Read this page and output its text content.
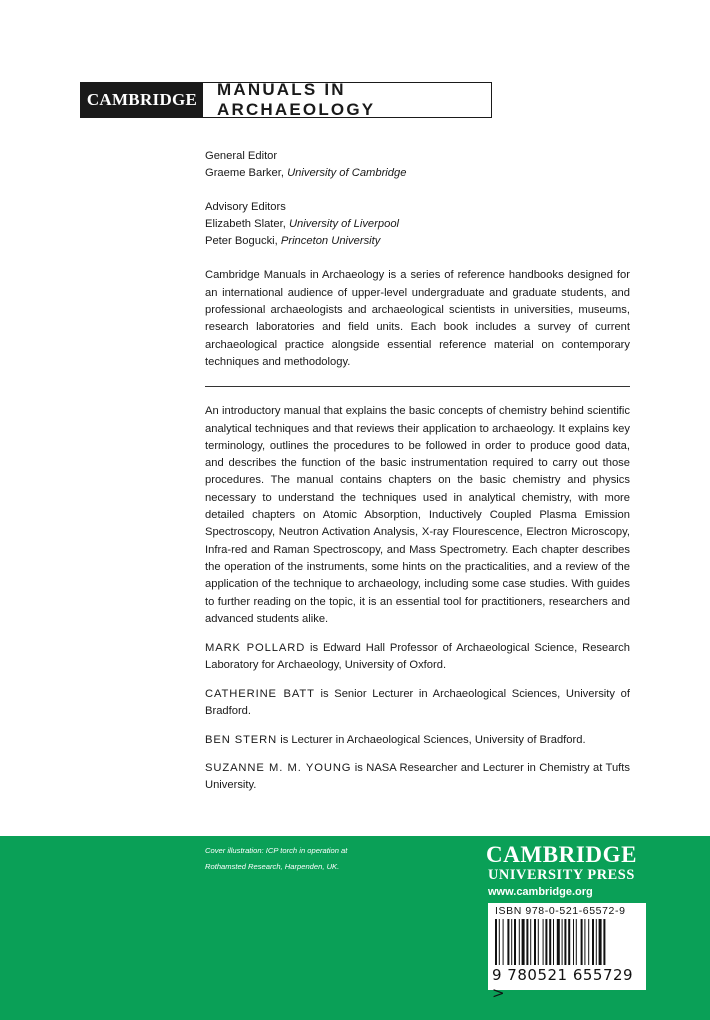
CAMBRIDGE
MANUALS IN ARCHAEOLOGY
General Editor
Graeme Barker, University of Cambridge
Advisory Editors
Elizabeth Slater, University of Liverpool
Peter Bogucki, Princeton University

Cambridge Manuals in Archaeology is a series of reference handbooks designed for an international audience of upper-level undergraduate and graduate students, and professional archaeologists and archaeological scientists in universities, museums, research laboratories and field units. Each book includes a survey of current archaeological practice alongside essential reference material on contemporary techniques and methodology.

An introductory manual that explains the basic concepts of chemistry behind scientific analytical techniques and that reviews their application to archaeology. It explains key terminology, outlines the procedures to be followed in order to produce good data, and describes the function of the basic instrumentation required to carry out those procedures. The manual contains chapters on the basic chemistry and physics necessary to understand the techniques used in analytical chemistry, with more detailed chapters on Atomic Absorption, Inductively Coupled Plasma Emission Spectroscopy, Neutron Activation Analysis, X-ray Flourescence, Electron Microscopy, Infra-red and Raman Spectroscopy, and Mass Spectrometry. Each chapter describes the operation of the instruments, some hints on the practicalities, and a review of the application of the technique to archaeology, including some case studies. With guides to further reading on the topic, it is an essential tool for practitioners, researchers and advanced students alike.

MARK POLLARD is Edward Hall Professor of Archaeological Science, Research Laboratory for Archaeology, University of Oxford.

CATHERINE BATT is Senior Lecturer in Archaeological Sciences, University of Bradford.

BEN STERN is Lecturer in Archaeological Sciences, University of Bradford.

SUZANNE M. M. YOUNG is NASA Researcher and Lecturer in Chemistry at Tufts University.

Cover illustration: ICP torch in operation at
Rothamsted Research, Harpenden, UK.	CAMBRIDGE
UNIVERSITY PRESS
www.cambridge.org
ISBN 978-0-521-65572-9
9 780521 655729 >
